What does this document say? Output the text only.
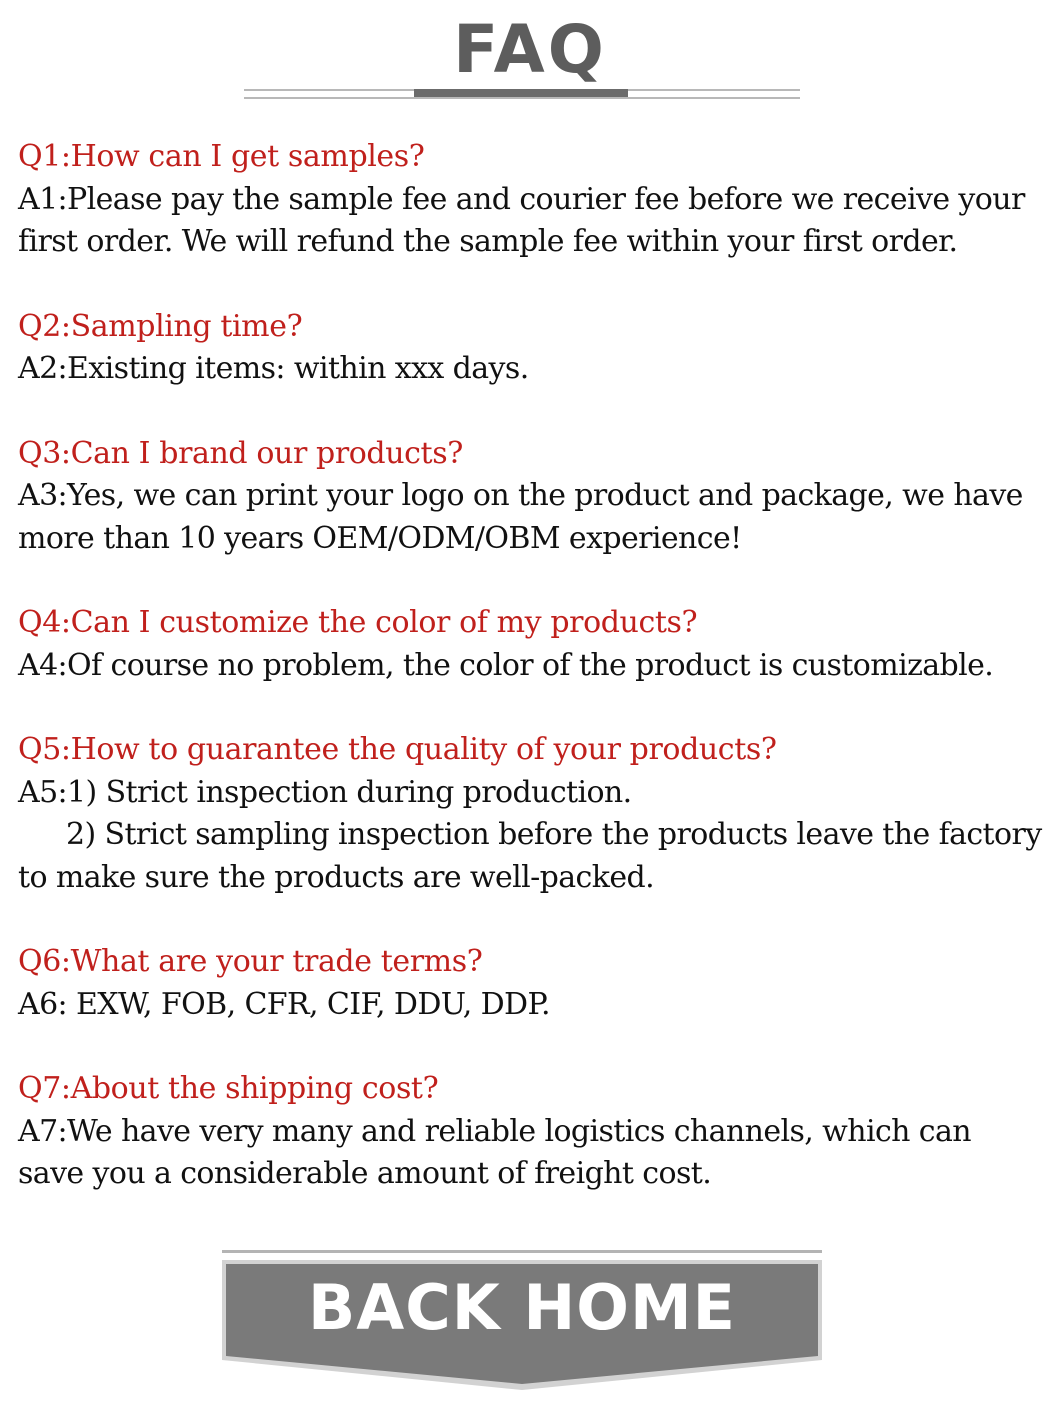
FAQ

Q1:How can I get samples?

A1:Please pay the sample fee and courier fee before we receive your

first order. We will refund the sample fee within your first order.

Q2:Sampling time?

A2:Existing items: within xxx days.

Q3:Can I brand our products?

A3:Yes, we can print your logo on the product and package, we have

more than 10 years OEM/ODM/OBM experience!

Q4:Can I customize the color of my products?

A4:Of course no problem, the color of the product is customizable.

Q5:How to guarantee the quality of your products?

A5:1) Strict inspection during production.

2) Strict sampling inspection before the products leave the factory

to make sure the products are well-packed.

Q6:What are your trade terms?

A6: EXW, FOB, CFR, CIF, DDU, DDP.

Q7:About the shipping cost?

A7:We have very many and reliable logistics channels, which can

save you a considerable amount of freight cost.

BACK HOME
